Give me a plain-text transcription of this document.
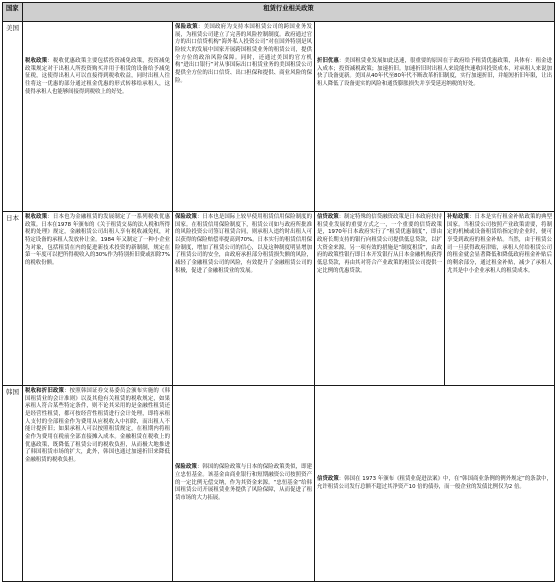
国家	租赁行业相关政策			
美国	税收政策：税收优惠政策主要包括投资减免政策，投资减免政策规定对于出租人所投资购买并用于租赁的设备给予减免征税，这使得出租人可以直接得到税收收益，同时出租人往往将这一优惠的部分通过租金优惠的形式转移给承租人，这使得承租人也能够间接得到税收上的好处。	保险政策：美国政府为支持本国租赁公司的跨国业务发展，为租赁公司建立了完善的风险控制制度。政府通过官方的出口信贷机构“海外私人投资公司”对在国外特别是风险较大的发展中国家开展跨国租赁业务的租赁公司，提供全方位的政治风险保障。同时，还通过美国的官方机构“进出口银行”对从事国际出口租赁业务的美国租赁公司提供全方位的出口信贷、出口担保和提供、商业风险的保险。	折旧优惠：美国租赁业发展如此迅速，很重要的原因在于政府给予租赁优惠政策，具体有：租金进入成本；投资减税政策；加速折旧。加速折旧时出租人来说能快速收回投资成本，对承租人来说加快了设备更新。美国从40年代至80年代不断改革折旧制度，实行加速折旧，并缩短折旧年限，让出租人降低了设备更实的风险和通货膨胀损失并享受延迟纳税的好处。	

日本	税收政策：日本也为金融租赁的发展制定了一系列税收优惠政策。日本在1978 年颁布的《关于租赁交易的法人税和所得税的处理》规定，金融租赁公司出租人享有税收减免权，对特定设备的承租人发放补让金。1984 年又制定了一种小企业为对象，包括租赁在内的促进新技术投资的新制制，规定在第一年度可以把所得税收入的30%作为特别折旧费或扣除7% 的税收份额。	保险政策：日本也是国际上较早使用租赁信用保险制度的国家。在租赁信用保险制度下，租赁公司如与政府所批准的风险投资公司签订租赁合同，则承租人违约时出租人可以获得的保险赔偿率提高到70%。日本实行的租赁信用保险制度，增加了租赁公司的信心，以及这种制度明显增加了租赁公司的安全，由政府承担部分租赁损失额的风险，减轻了金融租赁公司的风险，有效提升了金融租赁公司的积极，促进了金融租赁业的发展。	信贷政策：制定特殊的信贷融资政策是日本政府扶持租赁业发展的重要方式之一，一个重要的信贷政策是，1970年日本政府实行了“租赁优惠制度”，即由政府长期支持的银行向租赁公司提供低息贷款，以扩大资金来源。另一项有效的措施是“制度租赁”，由政府的政策性银行即日本开发银行从日本金融机构获得低息贷款，再由其对符合产业政策的租赁公司提供一定比例的优惠贷款。	补贴政策：日本是实行租金补贴政策的典型国家。当租赁公司按照产业政策需要，将制定的机械或设备租赁给指定的企业时，便可享受到政府的租金补贴。当然，由于租赁公司一旦获得政府津贴，承租人付给租赁公司的租金就会显著降低和降低政府租金补贴后的剩余部分，通过租金补贴，减少了承租人尤其是中小企业承租人的租赁成本。
韩国	税收和折旧政策：按照韩国证券交易委员会颁布实施的《韩国租赁业的会计准则》以及其他有关租赁的税收规定，如果承租人符合某些特定条件，则不论其采用的是金融性租赁还是经营性租赁，都可按经营性租赁进行会计处理，即将承租人支付的全部租金作为费用从应税收入中扣除，而出租人不能计提折旧；如果承租人可以按照租赁规定，在租期内将租金作为费用在税前全部直接摊入成本。金融租赁在税收上的优惠政策，既降低了租赁公司的税收负担，从而极大地推进了韩国租赁市场的扩大，此外，韩国也通过加速折旧来降低金融租赁的税收负担。	保险政策：韩国的保险政策与日本的保险政策类似，即建立忠恒基金。该基金由商业银行和短期融资公司按照资产的一定比例无偿交纳，作为其资金来源。“忠恒基金”给韩国租赁公司开展租赁业务提供了风险保障，从而促进了租赁市场的大力拓展。	信贷政策：韩国在 1973 年颁布《租赁业促进法案》中，在“韩国商业条例的例外规定”的条款中，允许租赁公司发行总额不超过其净资产10 倍的债券，而一般企业的发债比例仅为2 倍。	
